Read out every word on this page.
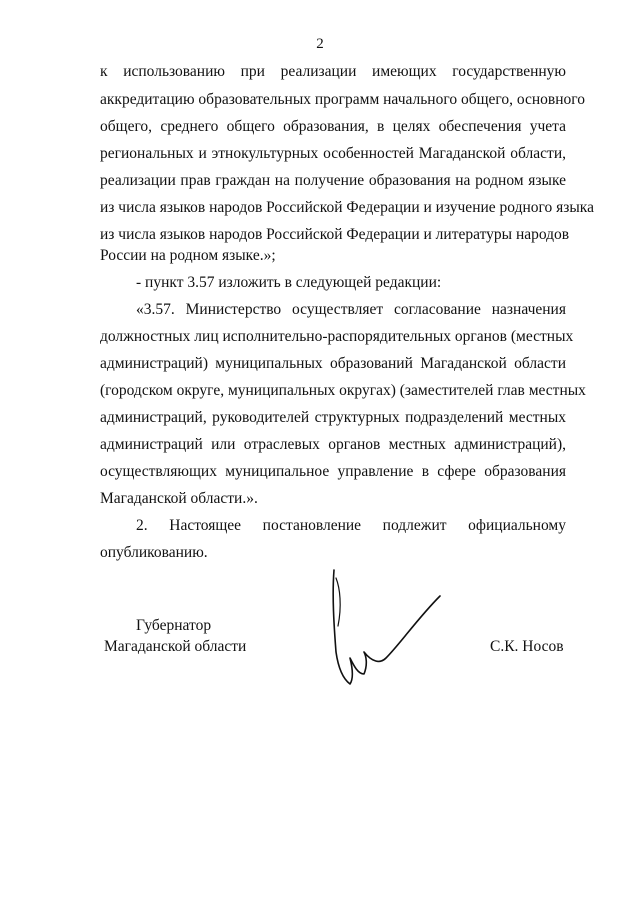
2
к использованию при реализации имеющих государственную
аккредитацию образовательных программ начального общего, основного
общего, среднего общего образования, в целях обеспечения учета
региональных и этнокультурных особенностей Магаданской области,
реализации прав граждан на получение образования на родном языке
из числа языков народов Российской Федерации и изучение родного языка
из числа языков народов Российской Федерации и литературы народов
России на родном языке.»;
- пункт 3.57 изложить в следующей редакции:
«3.57. Министерство осуществляет согласование назначения
должностных лиц исполнительно-распорядительных органов (местных
администраций) муниципальных образований Магаданской области
(городском округе, муниципальных округах) (заместителей глав местных
администраций, руководителей структурных подразделений местных
администраций или отраслевых органов местных администраций),
осуществляющих муниципальное управление в сфере образования
Магаданской области.».
2. Настоящее постановление подлежит официальному
опубликованию.
Губернатор
Магаданской области	С.К. Носов
